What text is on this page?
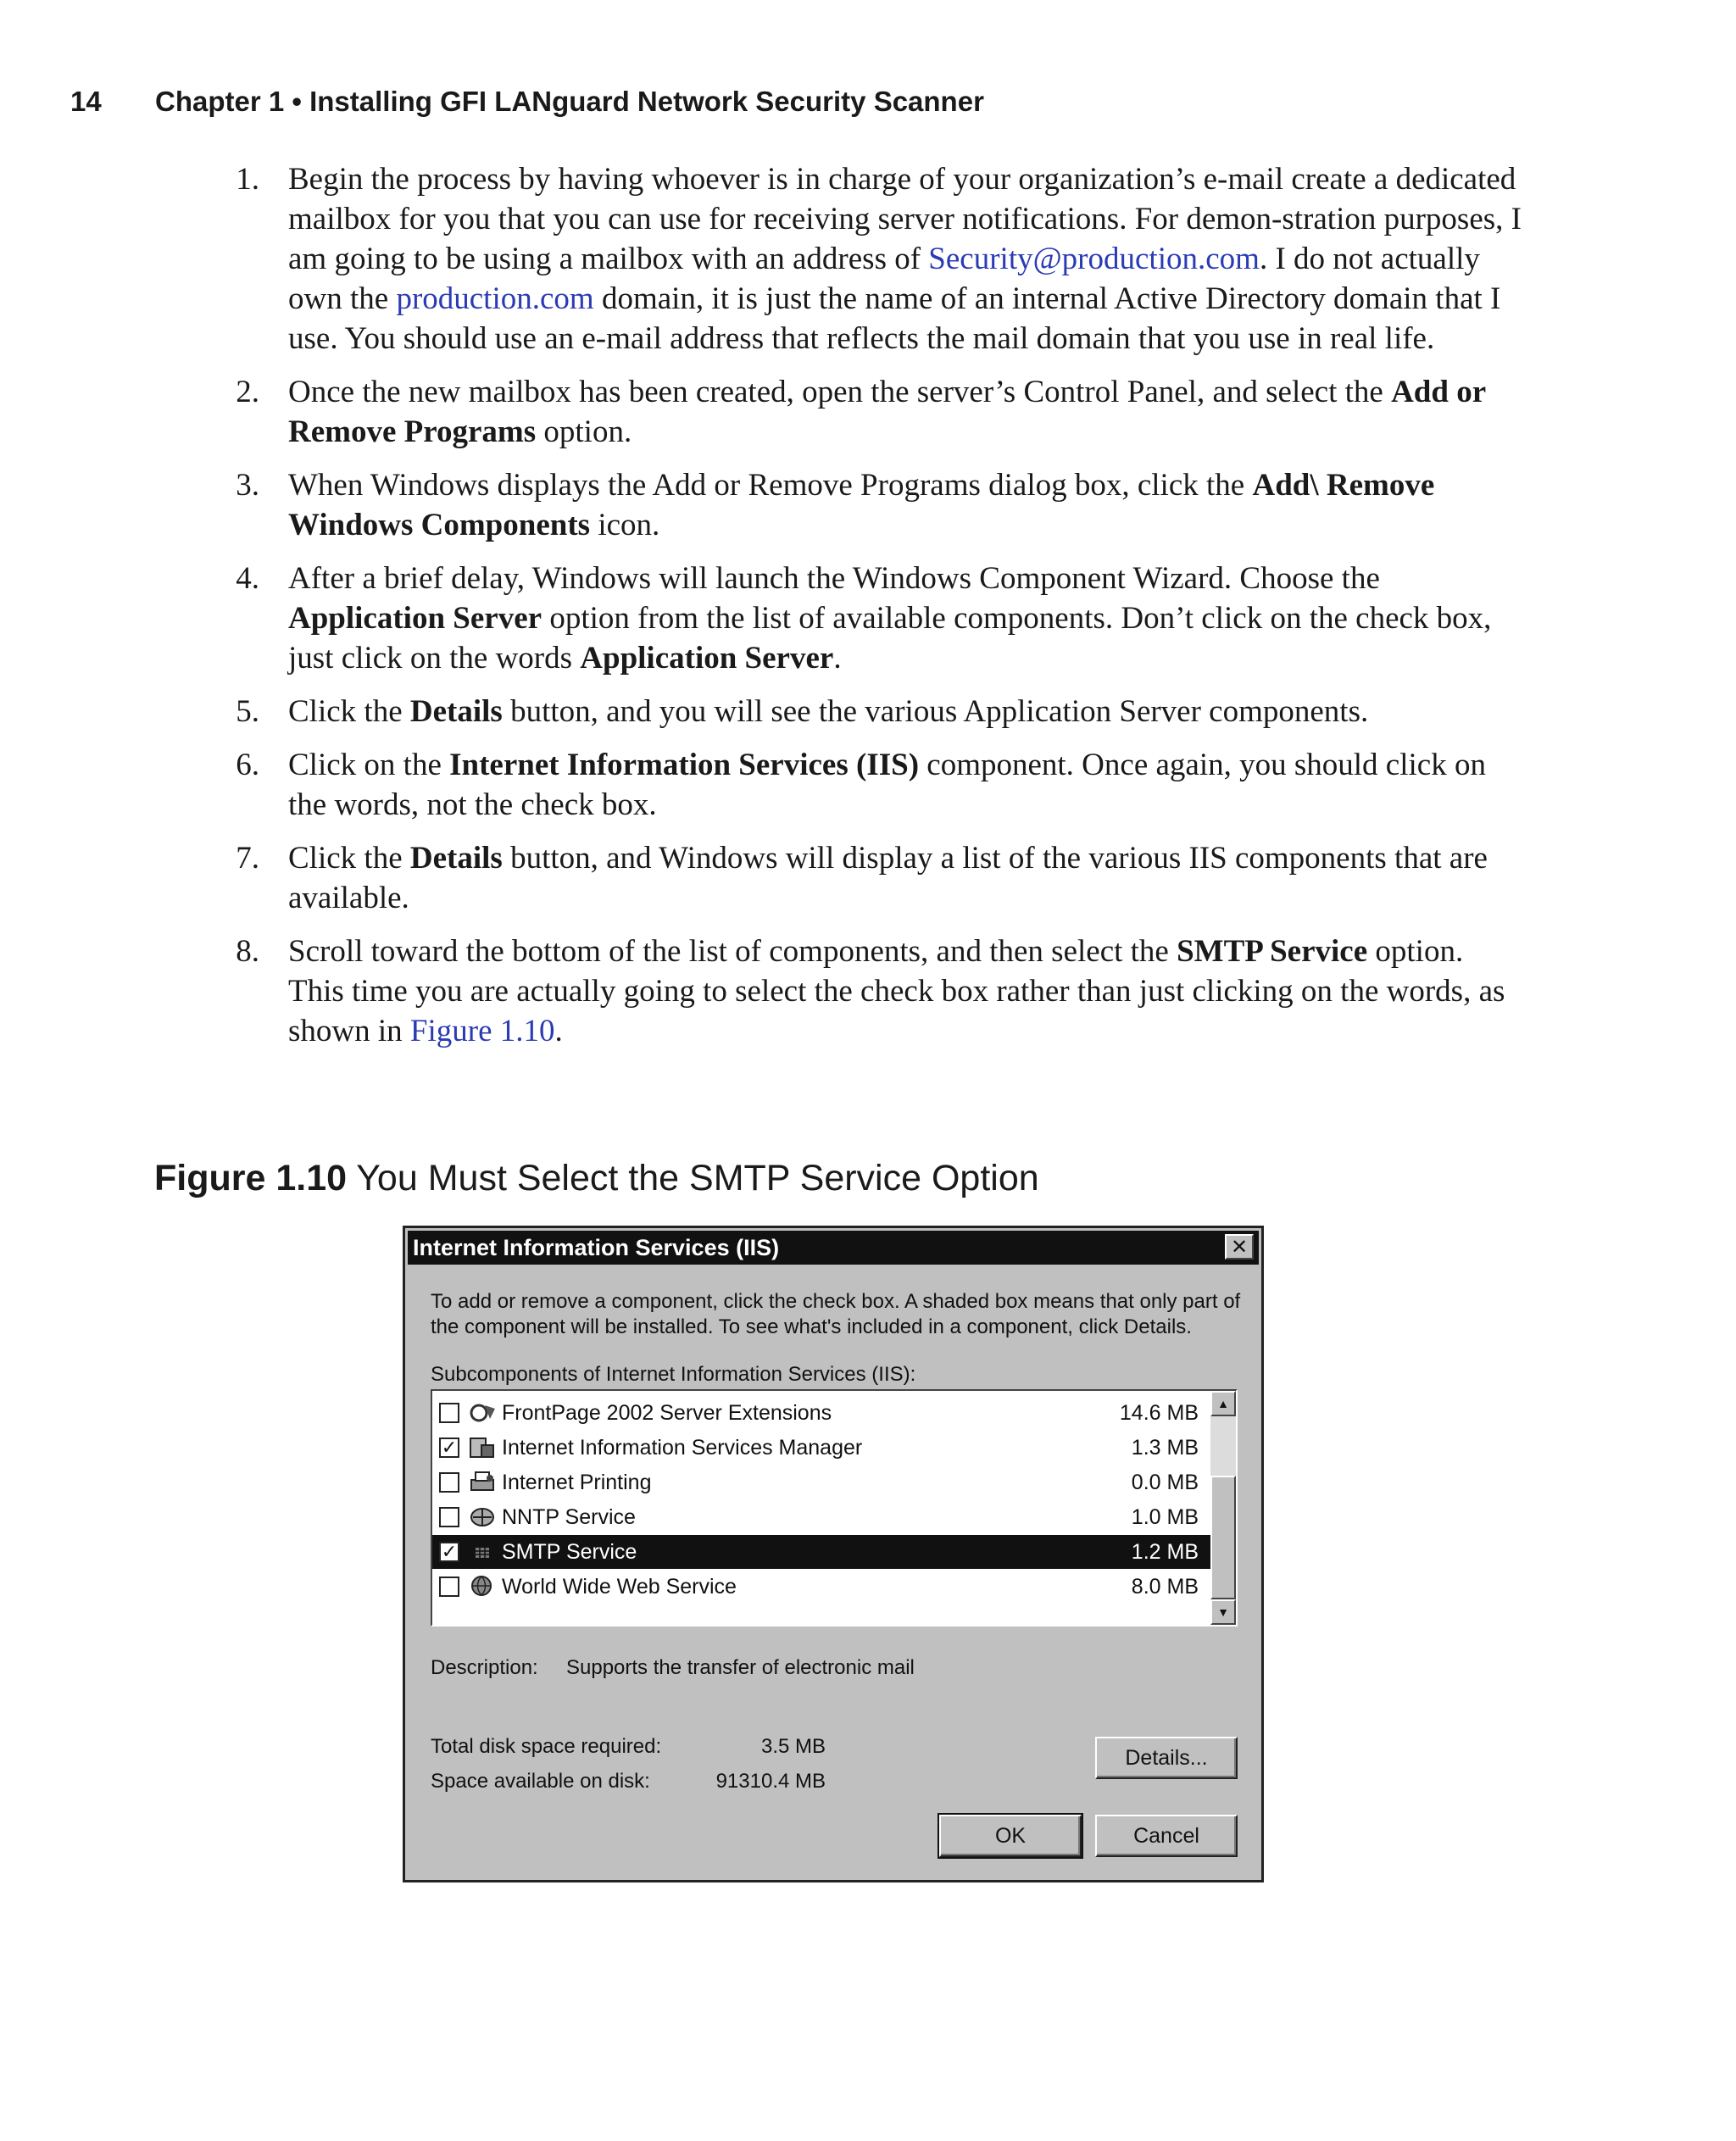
14	Chapter 1 • Installing GFI LANguard Network Security Scanner
1. Begin the process by having whoever is in charge of your organization’s e-mail create a dedicated mailbox for you that you can use for receiving server notifications. For demon-stration purposes, I am going to be using a mailbox with an address of Security@production.com. I do not actually own the production.com domain, it is just the name of an internal Active Directory domain that I use. You should use an e-mail address that reflects the mail domain that you use in real life.
2. Once the new mailbox has been created, open the server’s Control Panel, and select the Add or Remove Programs option.
3. When Windows displays the Add or Remove Programs dialog box, click the Add\ Remove Windows Components icon.
4. After a brief delay, Windows will launch the Windows Component Wizard. Choose the Application Server option from the list of available components. Don’t click on the check box, just click on the words Application Server.
5. Click the Details button, and you will see the various Application Server components.
6. Click on the Internet Information Services (IIS) component. Once again, you should click on the words, not the check box.
7. Click the Details button, and Windows will display a list of the various IIS components that are available.
8. Scroll toward the bottom of the list of components, and then select the SMTP Service option. This time you are actually going to select the check box rather than just clicking on the words, as shown in Figure 1.10.
Figure 1.10 You Must Select the SMTP Service Option
Internet Information Services (IIS)	✕
To add or remove a component, click the check box. A shaded box means that only part of the component will be installed. To see what's included in a component, click Details.
Subcomponents of Internet Information Services (IIS):
FrontPage 2002 Server Extensions	14.6 MB
✓ Internet Information Services Manager	1.3 MB
Internet Printing	0.0 MB
NNTP Service	1.0 MB
✓ SMTP Service	1.2 MB
World Wide Web Service	8.0 MB
▲
▼
Description: Supports the transfer of electronic mail
Total disk space required:	3.5 MB
Space available on disk:	91310.4 MB
Details...
OK	Cancel
